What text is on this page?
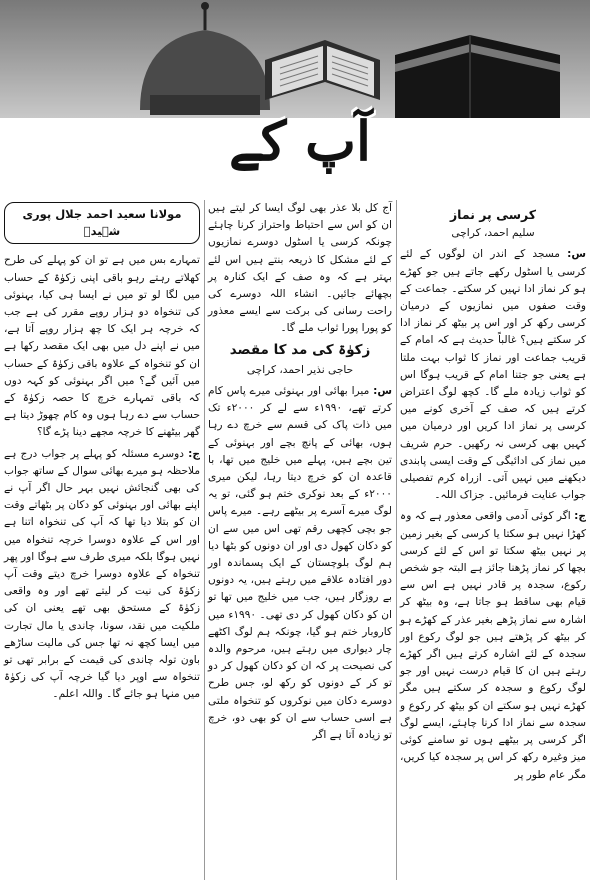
آپ کے
کرسی پر نماز
سلیم احمد، کراچی

س: مسجد کے اندر ان لوگوں کے لئے کرسی یا اسٹول رکھے جاتے ہیں جو کھڑے ہو کر نماز ادا نہیں کر سکتے۔ جماعت کے وقت صفوں میں نمازیوں کے درمیان کرسی رکھ کر اور اس پر بیٹھ کر نماز ادا کر سکتے ہیں؟ غالباً حدیث ہے کہ امام کے قریب جماعت اور نماز کا ثواب بہت ملتا ہے یعنی جو جتنا امام کے قریب ہوگا اس کو ثواب زیادہ ملے گا۔ کچھ لوگ اعتراض کرتے ہیں کہ صف کے آخری کونے میں کرسی پر نماز ادا کریں اور درمیان میں کہیں بھی کرسی نہ رکھیں۔ حرم شریف میں نماز کی ادائیگی کے وقت ایسی پابندی دیکھنے میں نہیں آتی۔ ازراہ کرم تفصیلی جواب عنایت فرمائیں۔ جزاک اللہ۔

ج: اگر کوئی آدمی واقعی معذور ہے کہ وہ کھڑا نہیں ہو سکتا یا کرسی کے بغیر زمین پر نہیں بیٹھ سکتا تو اس کے لئے کرسی بچھا کر نماز پڑھنا جائز ہے البتہ جو شخص رکوع، سجدہ پر قادر نہیں ہے اس سے قیام بھی ساقط ہو جاتا ہے، وہ بیٹھ کر اشارہ سے نماز پڑھے بغیر عذر کے کھڑے ہو کر بیٹھ کر پڑھتے ہیں جو لوگ رکوع اور سجدہ کے لئے اشارہ کرتے ہیں اگر کھڑے رہتے ہیں ان کا قیام درست نہیں اور جو لوگ رکوع و سجدہ کر سکتے ہیں مگر کھڑے نہیں ہو سکتے ان کو بیٹھ کر رکوع و سجدہ سے نماز ادا کرنا چاہئے، ایسے لوگ اگر کرسی پر بیٹھے ہوں تو سامنے کوئی میز وغیرہ رکھ کر اس پر سجدہ کیا کریں، مگر عام طور پر

آج کل بلا عذر بھی لوگ ایسا کر لیتے ہیں ان کو اس سے احتیاط واحتراز کرنا چاہئے چونکہ کرسی یا اسٹول دوسرے نمازیوں کے لئے مشکل کا ذریعہ بنتے ہیں اس لئے بہتر ہے کہ وہ صف کے ایک کنارہ پر بچھائے جائیں۔ انشاء اللہ دوسرے کی راحت رسانی کی برکت سے ایسے معذور کو پورا پورا ثواب ملے گا۔

زکوٰۃ کی مد کا مقصد
حاجی نذیر احمد، کراچی

س: میرا بھائی اور بہنوئی میرے پاس کام کرتے تھے، ۱۹۹۰ء سے لے کر ۲۰۰۰ء تک میں ذات پاک کی قسم سے خرچ دے رہا ہوں، بھائی کے پانچ بچے اور بہنوئی کے تین بچے ہیں، پہلے میں خلیج میں تھا، با قاعدہ ان کو خرچ دیتا رہا، لیکن میری ۲۰۰۰ء کے بعد نوکری ختم ہو گئی، تو یہ لوگ میرے آسرے پر بیٹھے رہے۔ میرے پاس جو بچی کچھی رقم تھی اس میں سے ان کو دکان کھول دی اور ان دونوں کو بٹھا دیا ہم لوگ بلوچستان کے ایک پسماندہ اور دور افتادہ علاقے میں رہتے ہیں، یہ دونوں بے روزگار ہیں، جب میں خلیج میں تھا تو ان کو دکان کھول کر دی تھی۔ ۱۹۹۰ء میں کاروبار ختم ہو گیا، چونکہ ہم لوگ اکٹھے چار دیواری میں رہتے ہیں، مرحوم والدہ کی نصیحت پر کہ ان کو دکان کھول کر دو تو کر کے دونوں کو رکھ لو، جس طرح دوسرے دکان میں نوکروں کو تنخواہ ملتی ہے اسی حساب سے ان کو بھی دو، خرچ تو زیادہ آتا ہے اگر

مولانا سعید احمد جلال پوری شہیدؒ

تمہارے بس میں ہے تو ان کو پہلے کی طرح کھلاتے رہتے رہو باقی اپنی زکوٰۃ کے حساب میں لگا لو تو میں نے ایسا ہی کیا، بہنوئی کی تنخواہ دو ہزار روپے مقرر کی ہے جب کہ خرچہ ہر ایک کا چھ ہزار روپے آتا ہے، میں نے اپنے دل میں بھی ایک مقصد رکھا ہے ان کو تنخواہ کے علاوہ باقی زکوٰۃ کے حساب میں آئیں گے؟ میں اگر بہنوئی کو کہہ دوں کہ باقی تمہارے خرچ کا حصہ زکوٰۃ کے حساب سے دے رہا ہوں وہ کام چھوڑ دیتا ہے گھر بیٹھنے کا خرچہ مجھے دینا پڑے گا؟

ج: دوسرے مسئلہ کو پہلے پر جواب درج ہے ملاحظہ ہو میرے بھائی سوال کے ساتھ جواب کی بھی گنجائش نہیں بہر حال اگر آپ نے اپنے بھائی اور بہنوئی کو دکان پر بٹھاتے وقت ان کو بتلا دیا تھا کہ آپ کی تنخواہ اتنا ہے اور اس کے علاوہ دوسرا خرچہ تنخواہ میں نہیں ہوگا بلکہ میری طرف سے ہوگا اور پھر تنخواہ کے علاوہ دوسرا خرچ دیتے وقت آپ زکوٰۃ کی نیت کر لیتے تھے اور وہ واقعی زکوٰۃ کے مستحق بھی تھے یعنی ان کی ملکیت میں نقد، سونا، چاندی یا مال تجارت میں ایسا کچھ نہ تھا جس کی مالیت ساڑھے باون تولہ چاندی کی قیمت کے برابر تھی تو تنخواہ سے اوپر دیا گیا خرچہ آپ کی زکوٰۃ میں منہا ہو جائے گا۔ واللہ اعلم۔
